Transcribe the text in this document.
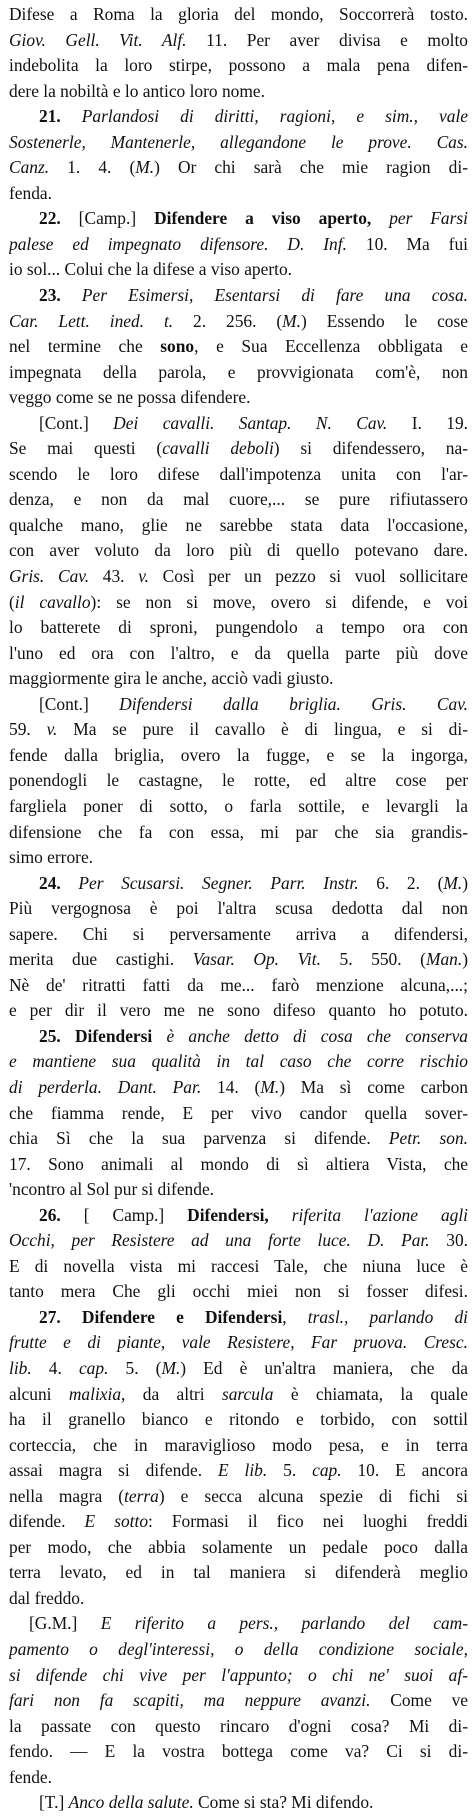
Difese a Roma la gloria del mondo, Soccorrerà tosto.
Giov. Gell. Vit. Alf. 11. Per aver divisa e molto
indebolita la loro stirpe, possono a mala pena difen-
dere la nobiltà e lo antico loro nome.
21. Parlandosi di diritti, ragioni, e sim., vale
Sostenerle, Mantenerle, allegandone le prove. Cas.
Canz. 1. 4. (M.) Or chi sarà che mie ragion di-
fenda.
22. [Camp.] Difendere a viso aperto, per Farsi
palese ed impegnato difensore. D. Inf. 10. Ma fui
io sol... Colui che la difese a viso aperto.
23. Per Esimersi, Esentarsi di fare una cosa.
Car. Lett. ined. t. 2. 256. (M.) Essendo le cose
nel termine che sono, e Sua Eccellenza obbligata e
impegnata della parola, e provvigionata com'è, non
veggo come se ne possa difendere.
[Cont.] Dei cavalli. Santap. N. Cav. I. 19.
Se mai questi (cavalli deboli) si difendessero, na-
scendo le loro difese dall'impotenza unita con l'ar-
denza, e non da mal cuore,... se pure rifiutassero
qualche mano, glie ne sarebbe stata data l'occasione,
con aver voluto da loro più di quello potevano dare.
Gris. Cav. 43. v. Così per un pezzo si vuol sollicitare
(il cavallo): se non si move, overo si difende, e voi
lo batterete di sproni, pungendolo a tempo ora con
l'uno ed ora con l'altro, e da quella parte più dove
maggiormente gira le anche, acciò vadi giusto.
[Cont.] Difendersi dalla briglia. Gris. Cav.
59. v. Ma se pure il cavallo è di lingua, e si di-
fende dalla briglia, overo la fugge, e se la ingorga,
ponendogli le castagne, le rotte, ed altre cose per
fargliela poner di sotto, o farla sottile, e levargli la
difensione che fa con essa, mi par che sia grandis-
simo errore.
24. Per Scusarsi. Segner. Parr. Instr. 6. 2. (M.)
Più vergognosa è poi l'altra scusa dedotta dal non
sapere. Chi si perversamente arriva a difendersi,
merita due castighi. Vasar. Op. Vit. 5. 550. (Man.)
Nè de' ritratti fatti da me... farò menzione alcuna,...;
e per dir il vero me ne sono difeso quanto ho potuto.
25. Difendersi è anche detto di cosa che conserva
e mantiene sua qualità in tal caso che corre rischio
di perderla. Dant. Par. 14. (M.) Ma sì come carbon
che fiamma rende, E per vivo candor quella sover-
chia Sì che la sua parvenza si difende. Petr. son.
17. Sono animali al mondo di sì altiera Vista, che
'ncontro al Sol pur si difende.
26. [ Camp.] Difendersi, riferita l'azione agli
Occhi, per Resistere ad una forte luce. D. Par. 30.
E di novella vista mi raccesi Tale, che niuna luce è
tanto mera Che gli occhi miei non si fosser difesi.
27. Difendere e Difendersi, trasl., parlando di
frutte e di piante, vale Resistere, Far pruova. Cresc.
lib. 4. cap. 5. (M.) Ed è un'altra maniera, che da
alcuni malixia, da altri sarcula è chiamata, la quale
ha il granello bianco e ritondo e torbido, con sottil
corteccia, che in maraviglioso modo pesa, e in terra
assai magra si difende. E lib. 5. cap. 10. E ancora
nella magra (terra) e secca alcuna spezie di fichi si
difende. E sotto: Formasi il fico nei luoghi freddi
per modo, che abbia solamente un pedale poco dalla
terra levato, ed in tal maniera si difenderà meglio
dal freddo.
[G.M.] E riferito a pers., parlando del cam-
pamento o degl'interessi, o della condizione sociale,
si difende chi vive per l'appunto; o chi ne' suoi af-
fari non fa scapiti, ma neppure avanzi. Come ve
la passate con questo rincaro d'ogni cosa? Mi di-
fendo. — E la vostra bottega come va? Ci si di-
fende.
[T.] Anco della salute. Come si sta? Mi difendo.
